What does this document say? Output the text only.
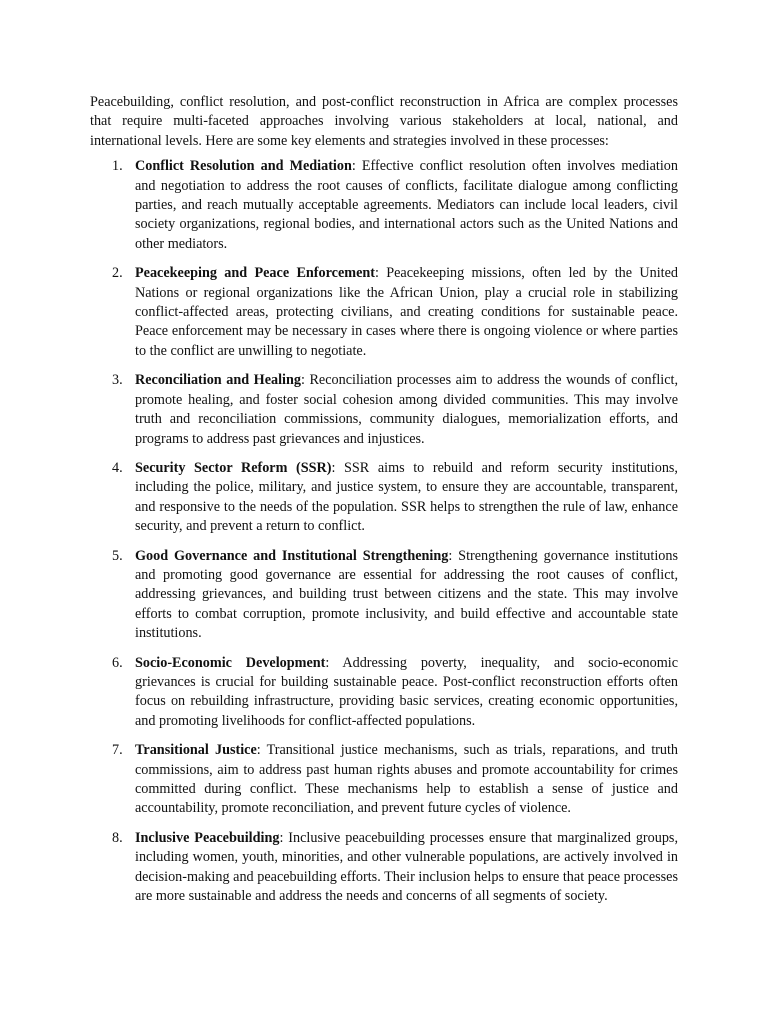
Peacebuilding, conflict resolution, and post-conflict reconstruction in Africa are complex processes that require multi-faceted approaches involving various stakeholders at local, national, and international levels. Here are some key elements and strategies involved in these processes:

1. Conflict Resolution and Mediation: Effective conflict resolution often involves mediation and negotiation to address the root causes of conflicts, facilitate dialogue among conflicting parties, and reach mutually acceptable agreements. Mediators can include local leaders, civil society organizations, regional bodies, and international actors such as the United Nations and other mediators.
2. Peacekeeping and Peace Enforcement: Peacekeeping missions, often led by the United Nations or regional organizations like the African Union, play a crucial role in stabilizing conflict-affected areas, protecting civilians, and creating conditions for sustainable peace. Peace enforcement may be necessary in cases where there is ongoing violence or where parties to the conflict are unwilling to negotiate.
3. Reconciliation and Healing: Reconciliation processes aim to address the wounds of conflict, promote healing, and foster social cohesion among divided communities. This may involve truth and reconciliation commissions, community dialogues, memorialization efforts, and programs to address past grievances and injustices.
4. Security Sector Reform (SSR): SSR aims to rebuild and reform security institutions, including the police, military, and justice system, to ensure they are accountable, transparent, and responsive to the needs of the population. SSR helps to strengthen the rule of law, enhance security, and prevent a return to conflict.
5. Good Governance and Institutional Strengthening: Strengthening governance institutions and promoting good governance are essential for addressing the root causes of conflict, addressing grievances, and building trust between citizens and the state. This may involve efforts to combat corruption, promote inclusivity, and build effective and accountable state institutions.
6. Socio-Economic Development: Addressing poverty, inequality, and socio-economic grievances is crucial for building sustainable peace. Post-conflict reconstruction efforts often focus on rebuilding infrastructure, providing basic services, creating economic opportunities, and promoting livelihoods for conflict-affected populations.
7. Transitional Justice: Transitional justice mechanisms, such as trials, reparations, and truth commissions, aim to address past human rights abuses and promote accountability for crimes committed during conflict. These mechanisms help to establish a sense of justice and accountability, promote reconciliation, and prevent future cycles of violence.
8. Inclusive Peacebuilding: Inclusive peacebuilding processes ensure that marginalized groups, including women, youth, minorities, and other vulnerable populations, are actively involved in decision-making and peacebuilding efforts. Their inclusion helps to ensure that peace processes are more sustainable and address the needs and concerns of all segments of society.
